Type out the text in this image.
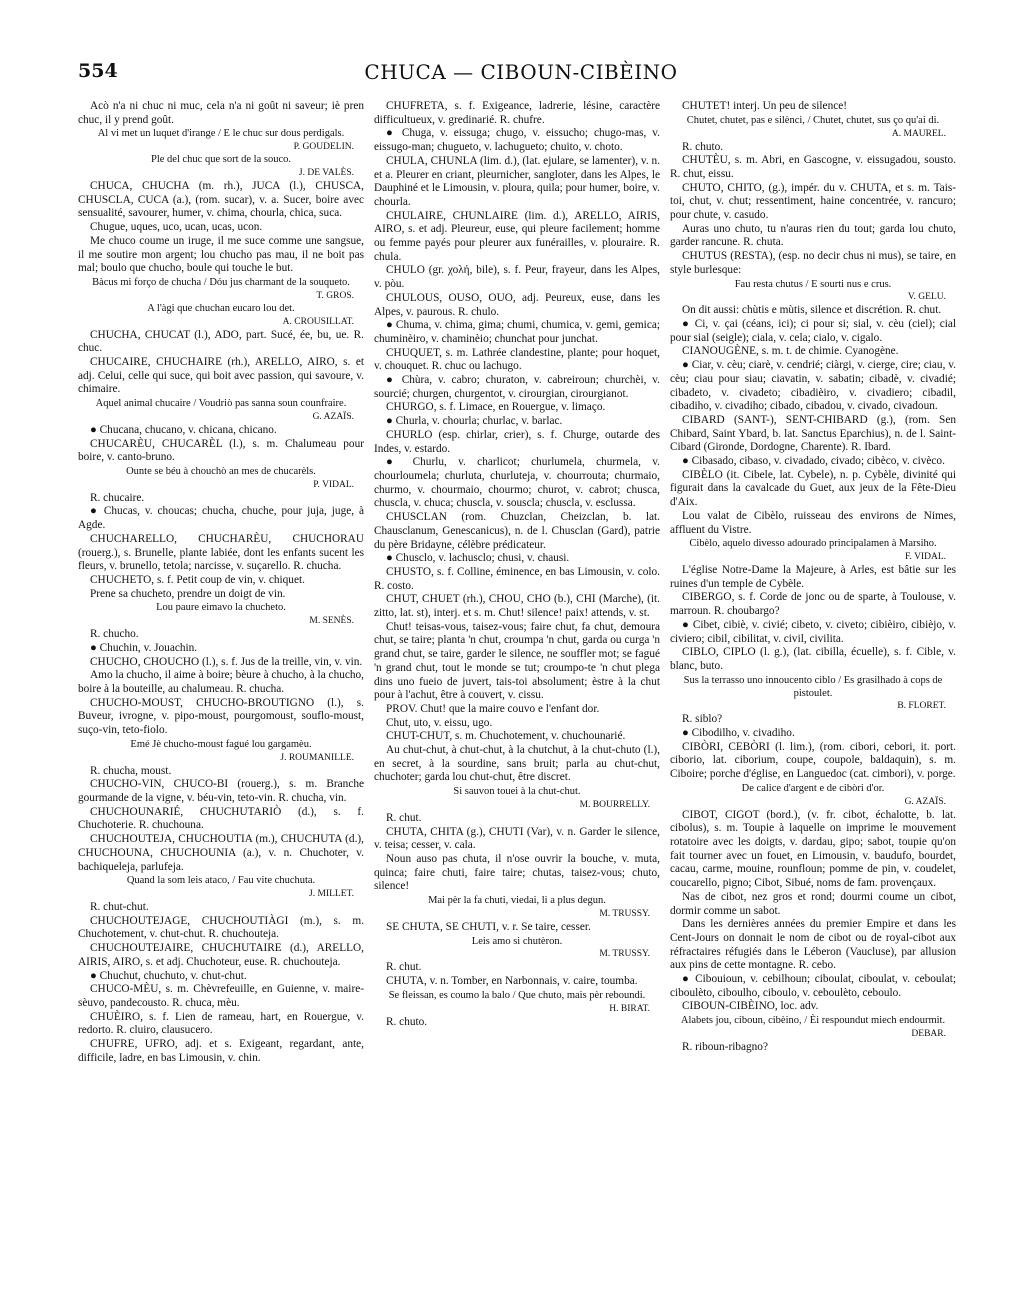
554	CHUCA — CIBOUN-CIBÈINO

Acò n'a ni chuc ni muc, cela n'a ni goût ni saveur; iè pren chuc, il y prend goût.

Al vi met un luquet d'irange / E le chuc sur dous perdigals.

P. GOUDELIN.

Ple del chuc que sort de la souco.

J. DE VALÈS.

CHUCA, CHUCHA (m. rh.), JUCA (l.), CHUSCA, CHUSCLA, CUCA (a.), (rom. sucar), v. a. Sucer, boire avec sensualité, savourer, humer, v. chima, chourla, chica, suca.

Chugue, uques, uco, ucan, ucas, ucon.

Me chuco coume un iruge, il me suce comme une sangsue, il me soutire mon argent; lou chucho pas mau, il ne boit pas mal; boulo que chucho, boule qui touche le but.

Bàcus mi forço de chucha / Dóu jus charmant de la souqueto.

T. GROS.

A l'àgi que chuchan eucaro lou det.

A. CROUSILLAT.

CHUCHA, CHUCAT (l.), ADO, part. Sucé, ée, bu, ue. R. chuc.

CHUCAIRE, CHUCHAIRE (rh.), ARELLO, AIRO, s. et adj. Celui, celle qui suce, qui boit avec passion, qui savoure, v. chimaire.

Aquel animal chucaire / Voudriò pas sanna soun counfraire.

G. AZAÏS.

● Chucana, chucano, v. chicana, chicano.

CHUCARÈU, CHUCARÈL (l.), s. m. Chalumeau pour boire, v. canto-bruno.

Ounte se béu à chouchò an mes de chucarèls.

P. VIDAL.

R. chucaire.

● Chucas, v. choucas; chucha, chuche, pour juja, juge, à Agde.

CHUCHARELLO, CHUCHARÈU, CHUCHORAU (rouerg.), s. Brunelle, plante labiée, dont les enfants sucent les fleurs, v. brunello, tetola; narcisse, v. suçarello. R. chucha.

CHUCHETO, s. f. Petit coup de vin, v. chiquet.

Prene sa chucheto, prendre un doigt de vin.

Lou paure eimavo la chucheto.

M. SENÈS.

R. chucho.

● Chuchin, v. Jouachin.

CHUCHO, CHOUCHO (l.), s. f. Jus de la treille, vin, v. vin.

Amo la chucho, il aime à boire; bèure à chucho, à la chucho, boire à la bouteille, au chalumeau. R. chucha.

CHUCHO-MOUST, CHUCHO-BROUTIGNO (l.), s. Buveur, ivrogne, v. pipo-moust, pourgomoust, souflo-moust, suço-vin, teto-fiolo.

Emé Jè chucho-moust fagué lou gargamèu.

J. ROUMANILLE.

R. chucha, moust.

CHUCHO-VIN, CHUCO-BI (rouerg.), s. m. Branche gourmande de la vigne, v. béu-vin, teto-vin. R. chucha, vin.

CHUCHOUNARIÉ, CHUCHUTARIÒ (d.), s. f. Chuchoterie. R. chuchouna.

CHUCHOUTEJA, CHUCHOUTIA (m.), CHUCHUTA (d.), CHUCHOUNA, CHUCHOUNIA (a.), v. n. Chuchoter, v. bachiqueleja, parlufeja.

Quand la som leis ataco, / Fau vite chuchuta.

J. MILLET.

R. chut-chut.

CHUCHOUTEJAGE, CHUCHOUTIÀGI (m.), s. m. Chuchotement, v. chut-chut. R. chuchouteja.

CHUCHOUTEJAIRE, CHUCHUTAIRE (d.), ARELLO, AIRIS, AIRO, s. et adj. Chuchoteur, euse. R. chuchouteja.

● Chuchut, chuchuto, v. chut-chut.

CHUCO-MÈU, s. m. Chèvrefeuille, en Guienne, v. maire-sèuvo, pandecousto. R. chuca, mèu.

CHUÈIRO, s. f. Lien de rameau, hart, en Rouergue, v. redorto. R. cluiro, clausucero.

CHUFRE, UFRO, adj. et s. Exigeant, regardant, ante, difficile, ladre, en bas Limousin, v. chin.

CHUFRETA, s. f. Exigeance, ladrerie, lésine, caractère difficultueux, v. gredinarié. R. chufre.

● Chuga, v. eissuga; chugo, v. eissucho; chugo-mas, v. eissugo-man; chugueto, v. lachugueto; chuito, v. choto.

CHULA, CHUNLA (lim. d.), (lat. ejulare, se lamenter), v. n. et a. Pleurer en criant, pleurnicher, sangloter, dans les Alpes, le Dauphiné et le Limousin, v. ploura, quila; pour humer, boire, v. chourla.

CHULAIRE, CHUNLAIRE (lim. d.), ARELLO, AIRIS, AIRO, s. et adj. Pleureur, euse, qui pleure facilement; homme ou femme payés pour pleurer aux funérailles, v. plouraire. R. chula.

CHULO (gr. χολή, bile), s. f. Peur, frayeur, dans les Alpes, v. pòu.

CHULOUS, OUSO, OUO, adj. Peureux, euse, dans les Alpes, v. paurous. R. chulo.

● Chuma, v. chima, gima; chumi, chumica, v. gemi, gemica; chuminèiro, v. chaminèio; chunchat pour junchat.

CHUQUET, s. m. Lathrée clandestine, plante; pour hoquet, v. chouquet. R. chuc ou lachugo.

● Chùra, v. cabro; churaton, v. cabreiroun; churchèi, v. sourcié; churgen, churgentot, v. cirourgian, cirourgianot.

CHURGO, s. f. Limace, en Rouergue, v. limaço.

● Churla, v. chourla; churlac, v. barlac.

CHURLO (esp. chirlar, crier), s. f. Churge, outarde des Indes, v. estardo.

● Churlu, v. charlicot; churlumela, churmela, v. chourloumela; churluta, churluteja, v. chourrouta; churmaio, churmo, v. chourmaio, chourmo; churot, v. cabrot; chusca, chuscla, v. chuca; chuscla, v. souscla; chuscla, v. esclussa.

CHUSCLAN (rom. Chuzclan, Cheizclan, b. lat. Chausclanum, Genescanicus), n. de l. Chusclan (Gard), patrie du père Bridayne, célèbre prédicateur.

● Chusclo, v. lachusclo; chusi, v. chausi.

CHUSTO, s. f. Colline, éminence, en bas Limousin, v. colo. R. costo.

CHUT, CHUET (rh.), CHOU, CHO (b.), CHI (Marche), (it. zitto, lat. st), interj. et s. m. Chut! silence! paix! attends, v. st.

Chut! teisas-vous, taisez-vous; faire chut, fa chut, demoura chut, se taire; planta 'n chut, croumpa 'n chut, garda ou curga 'n grand chut, se taire, garder le silence, ne souffler mot; se fagué 'n grand chut, tout le monde se tut; croumpo-te 'n chut plega dins uno fueio de juvert, tais-toi absolument; èstre à la chut pour à l'achut, être à couvert, v. cissu.

PROV. Chut! que la maire couvo e l'enfant dor.

Chut, uto, v. eissu, ugo.

CHUT-CHUT, s. m. Chuchotement, v. chuchounarié.

Au chut-chut, à chut-chut, à la chutchut, à la chut-chuto (l.), en secret, à la sourdine, sans bruit; parla au chut-chut, chuchoter; garda lou chut-chut, être discret.

Si sauvon touei à la chut-chut.

M. BOURRELLY.

R. chut.

CHUTA, CHITA (g.), CHUTI (Var), v. n. Garder le silence, v. teisa; cesser, v. cala.

Noun auso pas chuta, il n'ose ouvrir la bouche, v. muta, quinca; faire chuti, faire taire; chutas, taisez-vous; chuto, silence!

Mai pèr la fa chuti, viedai, li a plus degun.

M. TRUSSY.

SE CHUTA, SE CHUTI, v. r. Se taire, cesser.

Leis amo si chutèron.

M. TRUSSY.

R. chut.

CHUTA, v. n. Tomber, en Narbonnais, v. caire, toumba.

Se fleissan, es coumo la balo / Que chuto, mais pèr reboundi.

H. BIRAT.

R. chuto.

CHUTET! interj. Un peu de silence!

Chutet, chutet, pas e silènci, / Chutet, chutet, sus ço qu'ai di.

A. MAUREL.

R. chuto.

CHUTÈU, s. m. Abri, en Gascogne, v. eissugadou, sousto. R. chut, eissu.

CHUTO, CHITO, (g.), impér. du v. CHUTA, et s. m. Tais-toi, chut, v. chut; ressentiment, haine concentrée, v. rancuro; pour chute, v. casudo.

Auras uno chuto, tu n'auras rien du tout; garda lou chuto, garder rancune. R. chuta.

CHUTUS (RESTA), (esp. no decir chus ni mus), se taire, en style burlesque:

Fau resta chutus / E sourti nus e crus.

V. GELU.

On dit aussi: chùtis e mùtis, silence et discrétion. R. chut.

● Ci, v. çai (céans, ici); ci pour si; sial, v. cèu (ciel); cial pour sial (seigle); ciala, v. cela; cialo, v. cigalo.

CIANOUGÈNE, s. m. t. de chimie. Cyanogène.

● Ciar, v. cèu; ciarè, v. cendrié; ciàrgi, v. cierge, cire; ciau, v. cèu; ciau pour siau; ciavatin, v. sabatin; cibadè, v. civadié; cibadeto, v. civadeto; cibadièiro, v. civadiero; cibadil, cibadiho, v. civadiho; cibado, cibadou, v. civado, civadoun.

CIBARD (SANT-), SENT-CHIBARD (g.), (rom. Sen Chibard, Saint Ybard, b. lat. Sanctus Eparchius), n. de l. Saint-Cibard (Gironde, Dordogne, Charente). R. Ibard.

● Cibasado, cibaso, v. civadado, civado; cibèco, v. civèco.

CIBÈLO (it. Cibele, lat. Cybele), n. p. Cybèle, divinité qui figurait dans la cavalcade du Guet, aux jeux de la Fête-Dieu d'Aix.

Lou valat de Cibèlo, ruisseau des environs de Nimes, affluent du Vistre.

Cibèlo, aquelo divesso adourado principalamen à Marsiho.

F. VIDAL.

L'église Notre-Dame la Majeure, à Arles, est bâtie sur les ruines d'un temple de Cybèle.

CIBERGO, s. f. Corde de jonc ou de sparte, à Toulouse, v. marroun. R. choubargo?

● Cibet, cibiè, v. civié; cibeto, v. civeto; cibièiro, cibièjo, v. civiero; cibil, cibilitat, v. civil, civilita.

CIBLO, CIPLO (l. g.), (lat. cibilla, écuelle), s. f. Cible, v. blanc, buto.

Sus la terrasso uno innoucento ciblo / Es grasilhado à cops de pistoulet.

B. FLORET.

R. siblo?

● Cibodilho, v. civadiho.

CIBÒRI, CEBÒRI (l. lim.), (rom. cibori, cebori, it. port. ciborio, lat. ciborium, coupe, coupole, baldaquin), s. m. Ciboire; porche d'église, en Languedoc (cat. cimbori), v. porge.

De calice d'argent e de cibòri d'or.

G. AZAÏS.

CIBOT, CIGOT (bord.), (v. fr. cibot, échalotte, b. lat. cibolus), s. m. Toupie à laquelle on imprime le mouvement rotatoire avec les doigts, v. dardau, gipo; sabot, toupie qu'on fait tourner avec un fouet, en Limousin, v. baudufo, bourdet, cacau, carme, mouine, rounfloun; pomme de pin, v. coudelet, coucarello, pigno; Cibot, Sibué, noms de fam. provençaux.

Nas de cibot, nez gros et rond; dourmi coume un cibot, dormir comme un sabot.

Dans les dernières années du premier Empire et dans les Cent-Jours on donnait le nom de cibot ou de royal-cibot aux réfractaires réfugiés dans le Léberon (Vaucluse), par allusion aux pins de cette montagne. R. cebo.

● Cibouioun, v. cebilhoun; ciboulat, ciboulat, v. ceboulat; ciboulèto, ciboulho, ciboulo, v. ceboulèto, ceboulo.

CIBOUN-CIBÈINO, loc. adv.

Alabets jou, ciboun, cibèino, / Èi respoundut miech endourmit.

DEBAR.

R. riboun-ribagno?
